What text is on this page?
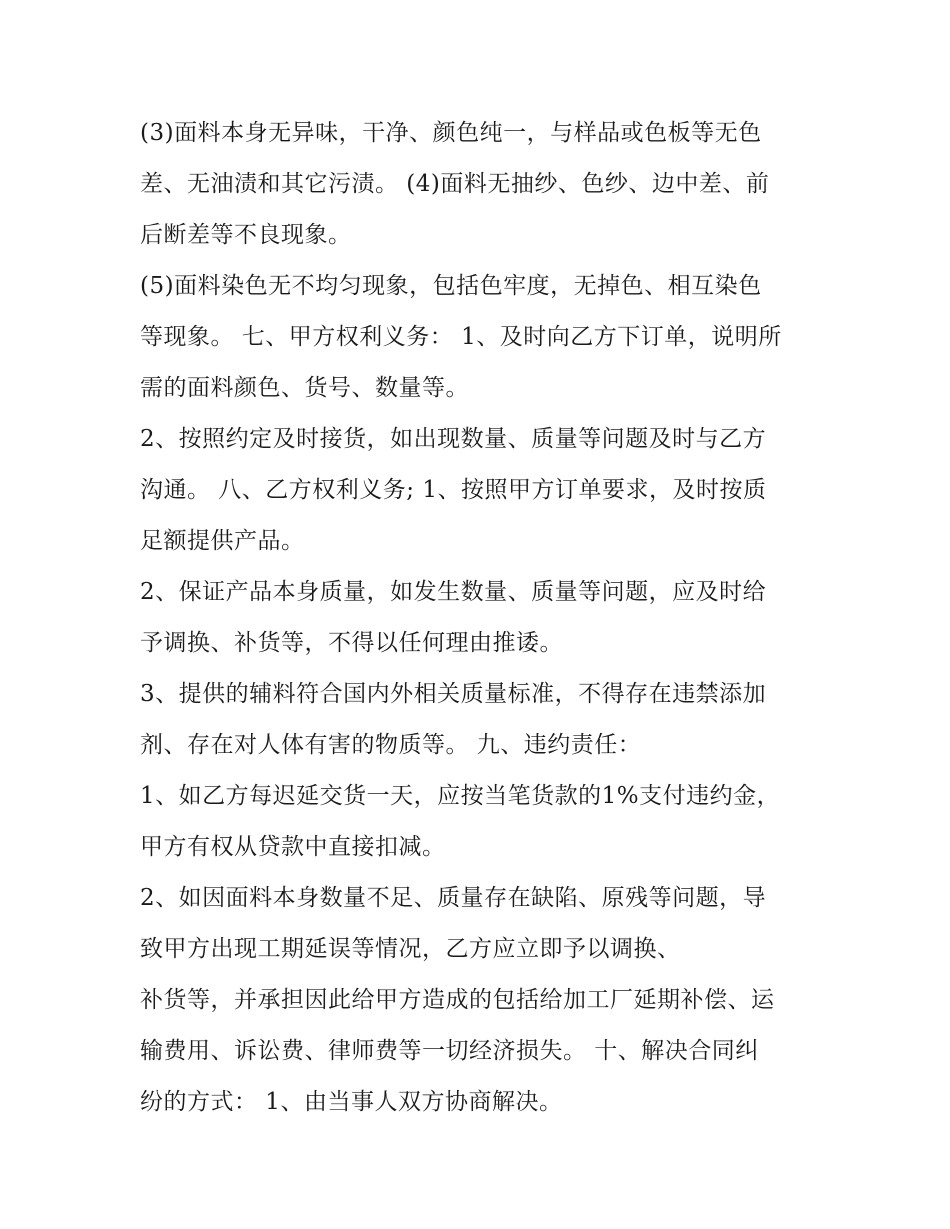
(3)面料本身无异味，干净、颜色纯一，与样品或色板等无色
差、无油渍和其它污渍。 (4)面料无抽纱、色纱、边中差、前
后断差等不良现象。
(5)面料染色无不均匀现象，包括色牢度，无掉色、相互染色
等现象。 七、甲方权利义务： 1、及时向乙方下订单，说明所
需的面料颜色、货号、数量等。
2、按照约定及时接货，如出现数量、质量等问题及时与乙方
沟通。 八、乙方权利义务; 1、按照甲方订单要求，及时按质
足额提供产品。
2、保证产品本身质量，如发生数量、质量等问题，应及时给
予调换、补货等，不得以任何理由推诿。
3、提供的辅料符合国内外相关质量标准，不得存在违禁添加
剂、存在对人体有害的物质等。 九、违约责任：
1、如乙方每迟延交货一天，应按当笔货款的1%支付违约金，
甲方有权从贷款中直接扣减。
2、如因面料本身数量不足、质量存在缺陷、原残等问题，导
致甲方出现工期延误等情况，乙方应立即予以调换、
补货等，并承担因此给甲方造成的包括给加工厂延期补偿、运
输费用、诉讼费、律师费等一切经济损失。 十、解决合同纠
纷的方式： 1、由当事人双方协商解决。
